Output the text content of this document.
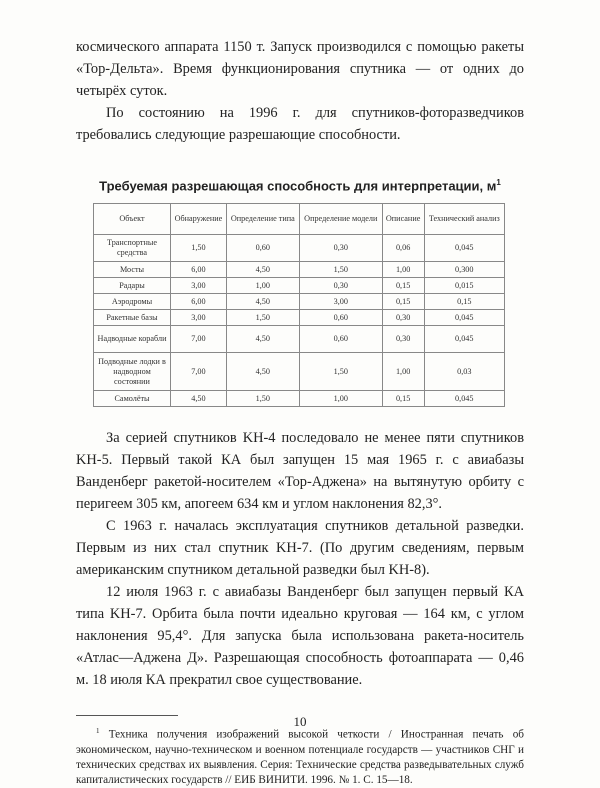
космического аппарата 1150 т. Запуск производился с помощью ракеты «Тор-Дельта». Время функционирования спутника — от одних до четырёх суток.

По состоянию на 1996 г. для спутников-фоторазведчиков требовались следующие разрешающие способности.

Требуемая разрешающая способность для интерпретации, $м^1$
Объект	Обнаружение	Определение типа	Определение модели	Описание	Технический анализ
Транспортные средства	1,50	0,60	0,30	0,06	0,045
Мосты	6,00	4,50	1,50	1,00	0,300
Радары	3,00	1,00	0,30	0,15	0,015
Аэродромы	6,00	4,50	3,00	0,15	0,15
Ракетные базы	3,00	1,50	0,60	0,30	0,045
Надводные корабли	7,00	4,50	0,60	0,30	0,045
Подводные лодки в надводном состоянии	7,00	4,50	1,50	1,00	0,03
Самолёты	4,50	1,50	1,00	0,15	0,045

За серией спутников KH-4 последовало не менее пяти спутников KH-5. Первый такой КА был запущен 15 мая 1965 г. с авиабазы Ванденберг ракетой-носителем «Тор-Аджена» на вытянутую орбиту с перигеем 305 км, апогеем 634 км и углом наклонения 82,3°.

С 1963 г. началась эксплуатация спутников детальной разведки. Первым из них стал спутник KH-7. (По другим сведениям, первым американским спутником детальной разведки был KH-8).

12 июля 1963 г. с авиабазы Ванденберг был запущен первый КА типа KH-7. Орбита была почти идеально круговая — 164 км, с углом наклонения 95,4°. Для запуска была использована ракета-носитель «Атлас—Аджена Д». Разрешающая способность фотоаппарата — 0,46 м. 18 июля КА прекратил свое существование.

$^1$ Техника получения изображений высокой четкости / Иностранная печать об экономическом, научно-техническом и военном потенциале государств — участников СНГ и технических средствах их выявления. Серия: Технические средства разведывательных служб капиталистических государств // ЕИБ ВИНИТИ. 1996. № 1. С. 15—18.
10
